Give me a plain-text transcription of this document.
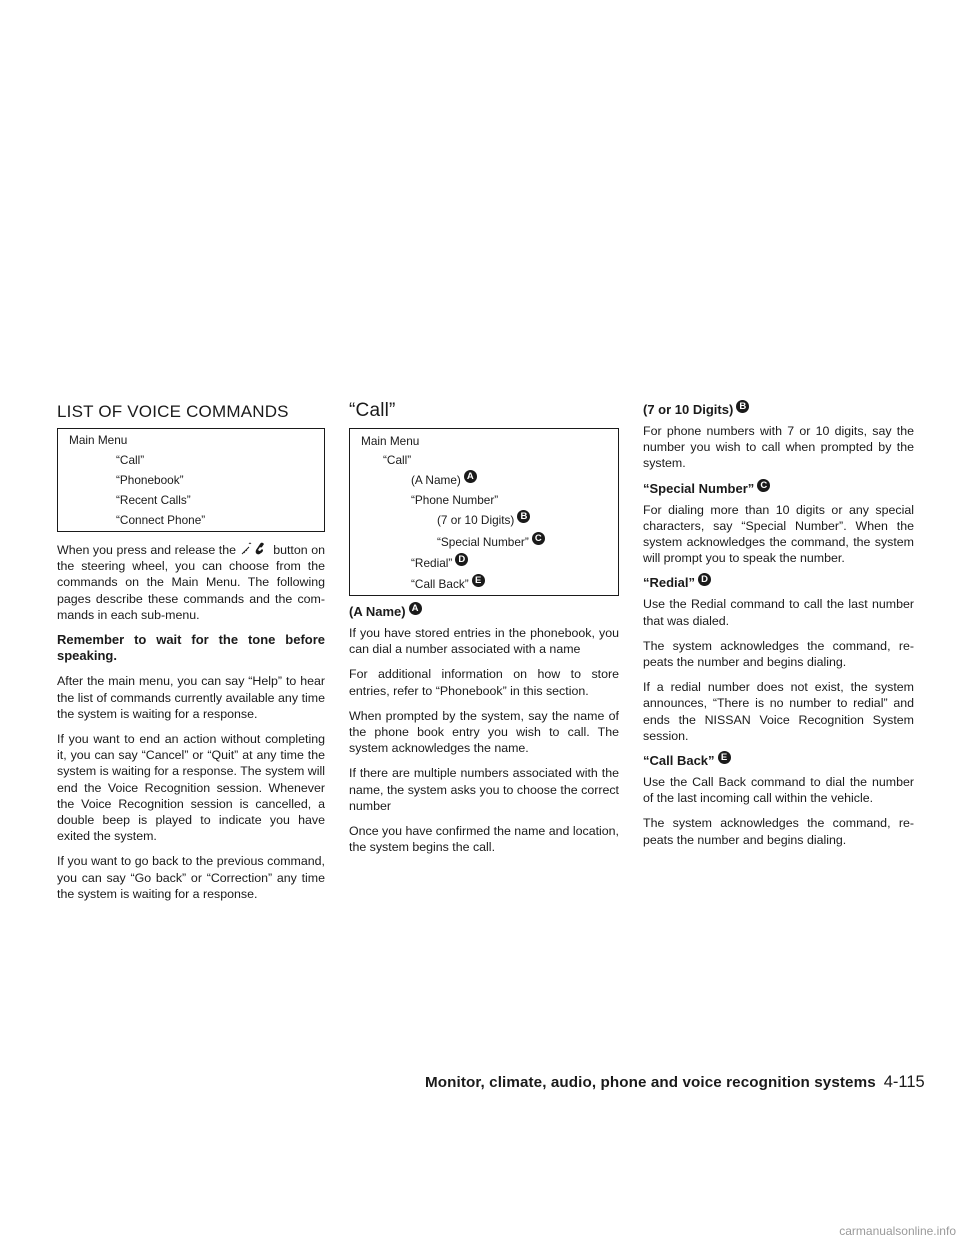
LIST OF VOICE COMMANDS
Main Menu
“Call”
“Phonebook”
“Recent Calls”
“Connect Phone”

When you press and release the	button on the steering wheel, you can choose from the commands on the Main Menu. The following pages describe these commands and the com- mands in each sub-menu.

Remember to wait for the tone before speaking.

After the main menu, you can say “Help” to hear the list of commands currently available any time the system is waiting for a response.

If you want to end an action without completing it, you can say “Cancel” or “Quit” at any time the system is waiting for a response. The system will end the Voice Recognition session. Whenever the Voice Recognition session is cancelled, a double beep is played to indicate you have exited the system.

If you want to go back to the previous command, you can say “Go back” or “Correction” any time the system is waiting for a response.

“Call”
Main Menu
“Call”
(A Name) A
“Phone Number”
(7 or 10 Digits) B
“Special Number” C
“Redial” D
“Call Back” E

(A Name) A

If you have stored entries in the phonebook, you can dial a number associated with a name

For additional information on how to store entries, refer to “Phonebook” in this section.

When prompted by the system, say the name of the phone book entry you wish to call. The system acknowledges the name.

If there are multiple numbers associated with the name, the system asks you to choose the correct number

Once you have confirmed the name and location, the system begins the call.

(7 or 10 Digits) B

For phone numbers with 7 or 10 digits, say the number you wish to call when prompted by the system.

“Special Number” C

For dialing more than 10 digits or any special characters, say “Special Number”. When the system acknowledges the command, the system will prompt you to speak the number.

“Redial” D

Use the Redial command to call the last number that was dialed.

The system acknowledges the command, re- peats the number and begins dialing.

If a redial number does not exist, the system announces, “There is no number to redial” and ends the NISSAN Voice Recognition System session.

“Call Back” E

Use the Call Back command to dial the number of the last incoming call within the vehicle.

The system acknowledges the command, re- peats the number and begins dialing.

Monitor, climate, audio, phone and voice recognition systems 4-115
carmanualsonline.info
